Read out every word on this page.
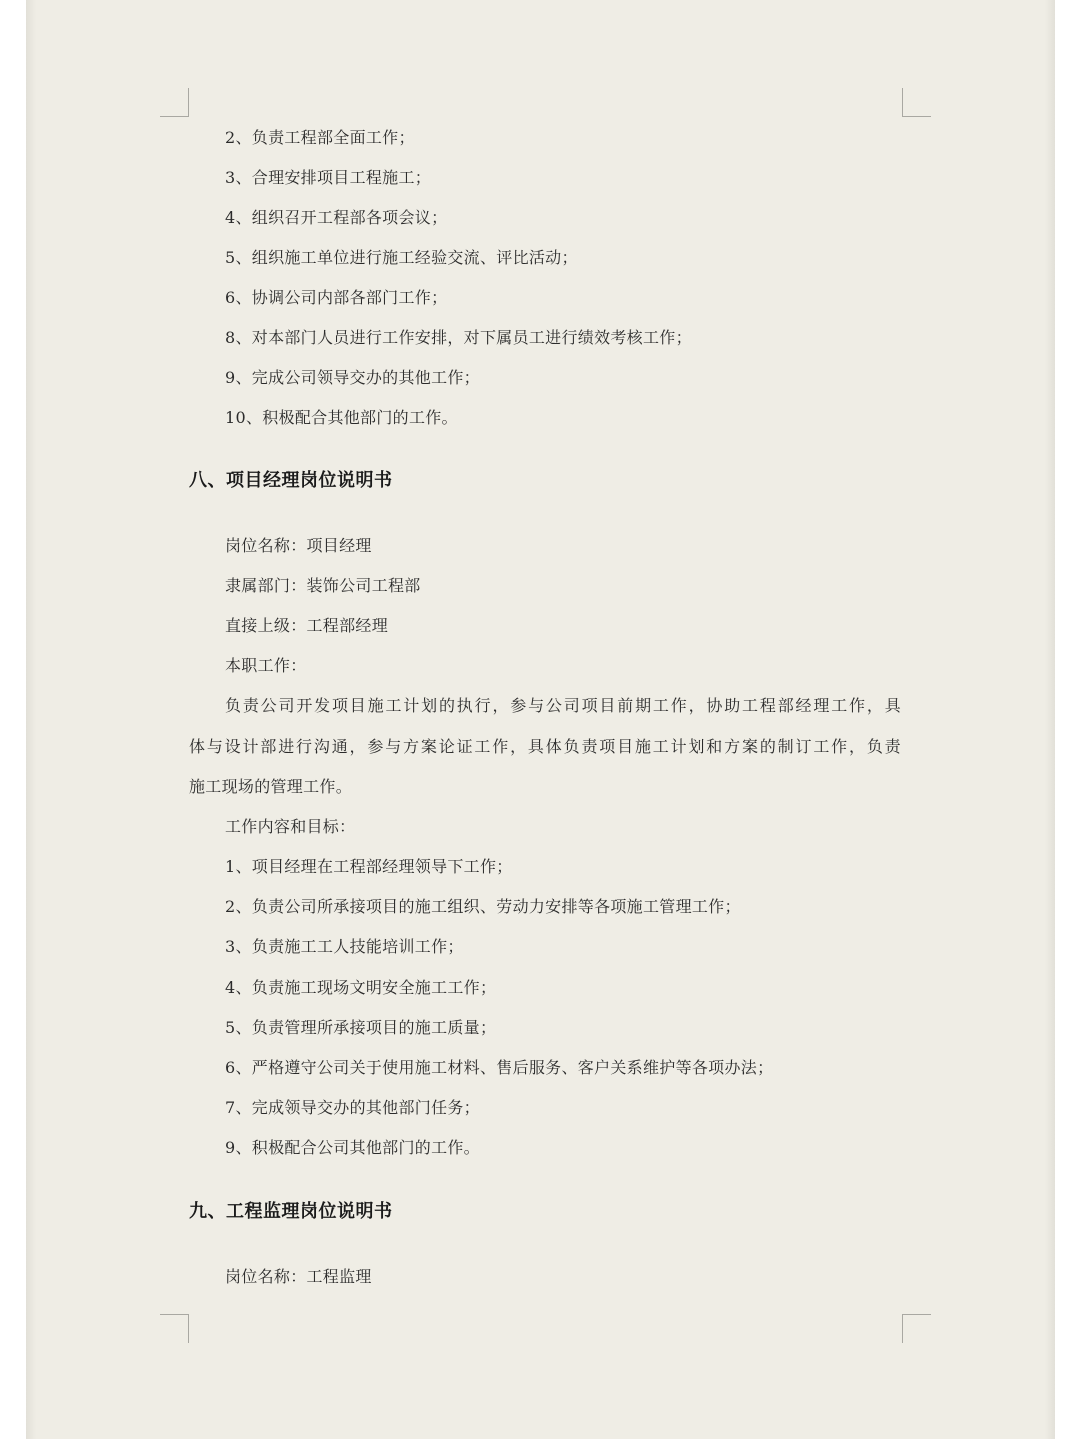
2、负责工程部全面工作；
3、合理安排项目工程施工；
4、组织召开工程部各项会议；
5、组织施工单位进行施工经验交流、评比活动；
6、协调公司内部各部门工作；
8、对本部门人员进行工作安排，对下属员工进行绩效考核工作；
9、完成公司领导交办的其他工作；
10、积极配合其他部门的工作。
八、项目经理岗位说明书
岗位名称：项目经理
隶属部门：装饰公司工程部
直接上级：工程部经理
本职工作：
负责公司开发项目施工计划的执行，参与公司项目前期工作，协助工程部经理工作，具
体与设计部进行沟通，参与方案论证工作，具体负责项目施工计划和方案的制订工作，负责
施工现场的管理工作。
工作内容和目标：
1、项目经理在工程部经理领导下工作；
2、负责公司所承接项目的施工组织、劳动力安排等各项施工管理工作；
3、负责施工工人技能培训工作；
4、负责施工现场文明安全施工工作；
5、负责管理所承接项目的施工质量；
6、严格遵守公司关于使用施工材料、售后服务、客户关系维护等各项办法；
7、完成领导交办的其他部门任务；
9、积极配合公司其他部门的工作。
九、工程监理岗位说明书
岗位名称：工程监理
